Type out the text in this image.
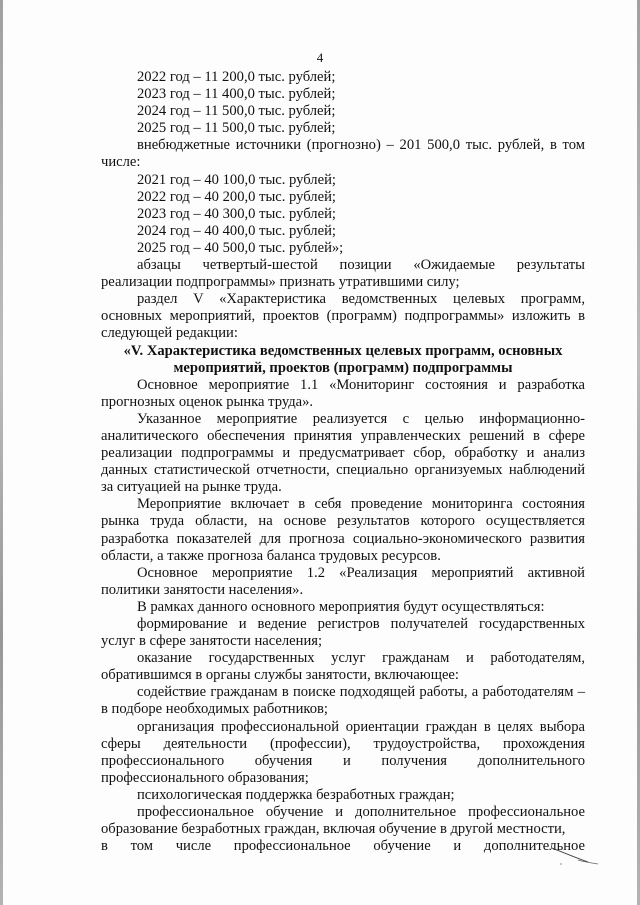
4

2022 год – 11 200,0 тыс. рублей;

2023 год – 11 400,0 тыс. рублей;

2024 год – 11 500,0 тыс. рублей;

2025 год – 11 500,0 тыс. рублей;

внебюджетные источники (прогнозно) – 201 500,0 тыс. рублей, в том числе:

2021 год – 40 100,0 тыс. рублей;

2022 год – 40 200,0 тыс. рублей;

2023 год – 40 300,0 тыс. рублей;

2024 год – 40 400,0 тыс. рублей;

2025 год – 40 500,0 тыс. рублей»;

абзацы четвертый-шестой позиции «Ожидаемые результаты реализации подпрограммы» признать утратившими силу;

раздел V «Характеристика ведомственных целевых программ, основных мероприятий, проектов (программ) подпрограммы» изложить в следующей редакции:

«V. Характеристика ведомственных целевых программ, основных мероприятий, проектов (программ) подпрограммы

Основное мероприятие 1.1 «Мониторинг состояния и разработка прогнозных оценок рынка труда».

Указанное мероприятие реализуется с целью информационно-аналитического обеспечения принятия управленческих решений в сфере реализации подпрограммы и предусматривает сбор, обработку и анализ данных статистической отчетности, специально организуемых наблюдений за ситуацией на рынке труда.

Мероприятие включает в себя проведение мониторинга состояния рынка труда области, на основе результатов которого осуществляется разработка показателей для прогноза социально-экономического развития области, а также прогноза баланса трудовых ресурсов.

Основное мероприятие 1.2 «Реализация мероприятий активной политики занятости населения».

В рамках данного основного мероприятия будут осуществляться:

формирование и ведение регистров получателей государственных услуг в сфере занятости населения;

оказание государственных услуг гражданам и работодателям, обратившимся в органы службы занятости, включающее:

содействие гражданам в поиске подходящей работы, а работодателям – в подборе необходимых работников;

организация профессиональной ориентации граждан в целях выбора сферы деятельности (профессии), трудоустройства, прохождения профессионального обучения и получения дополнительного профессионального образования;

психологическая поддержка безработных граждан;

профессиональное обучение и дополнительное профессиональное образование безработных граждан, включая обучение в другой местности,

в том числе профессиональное обучение и дополнительное
